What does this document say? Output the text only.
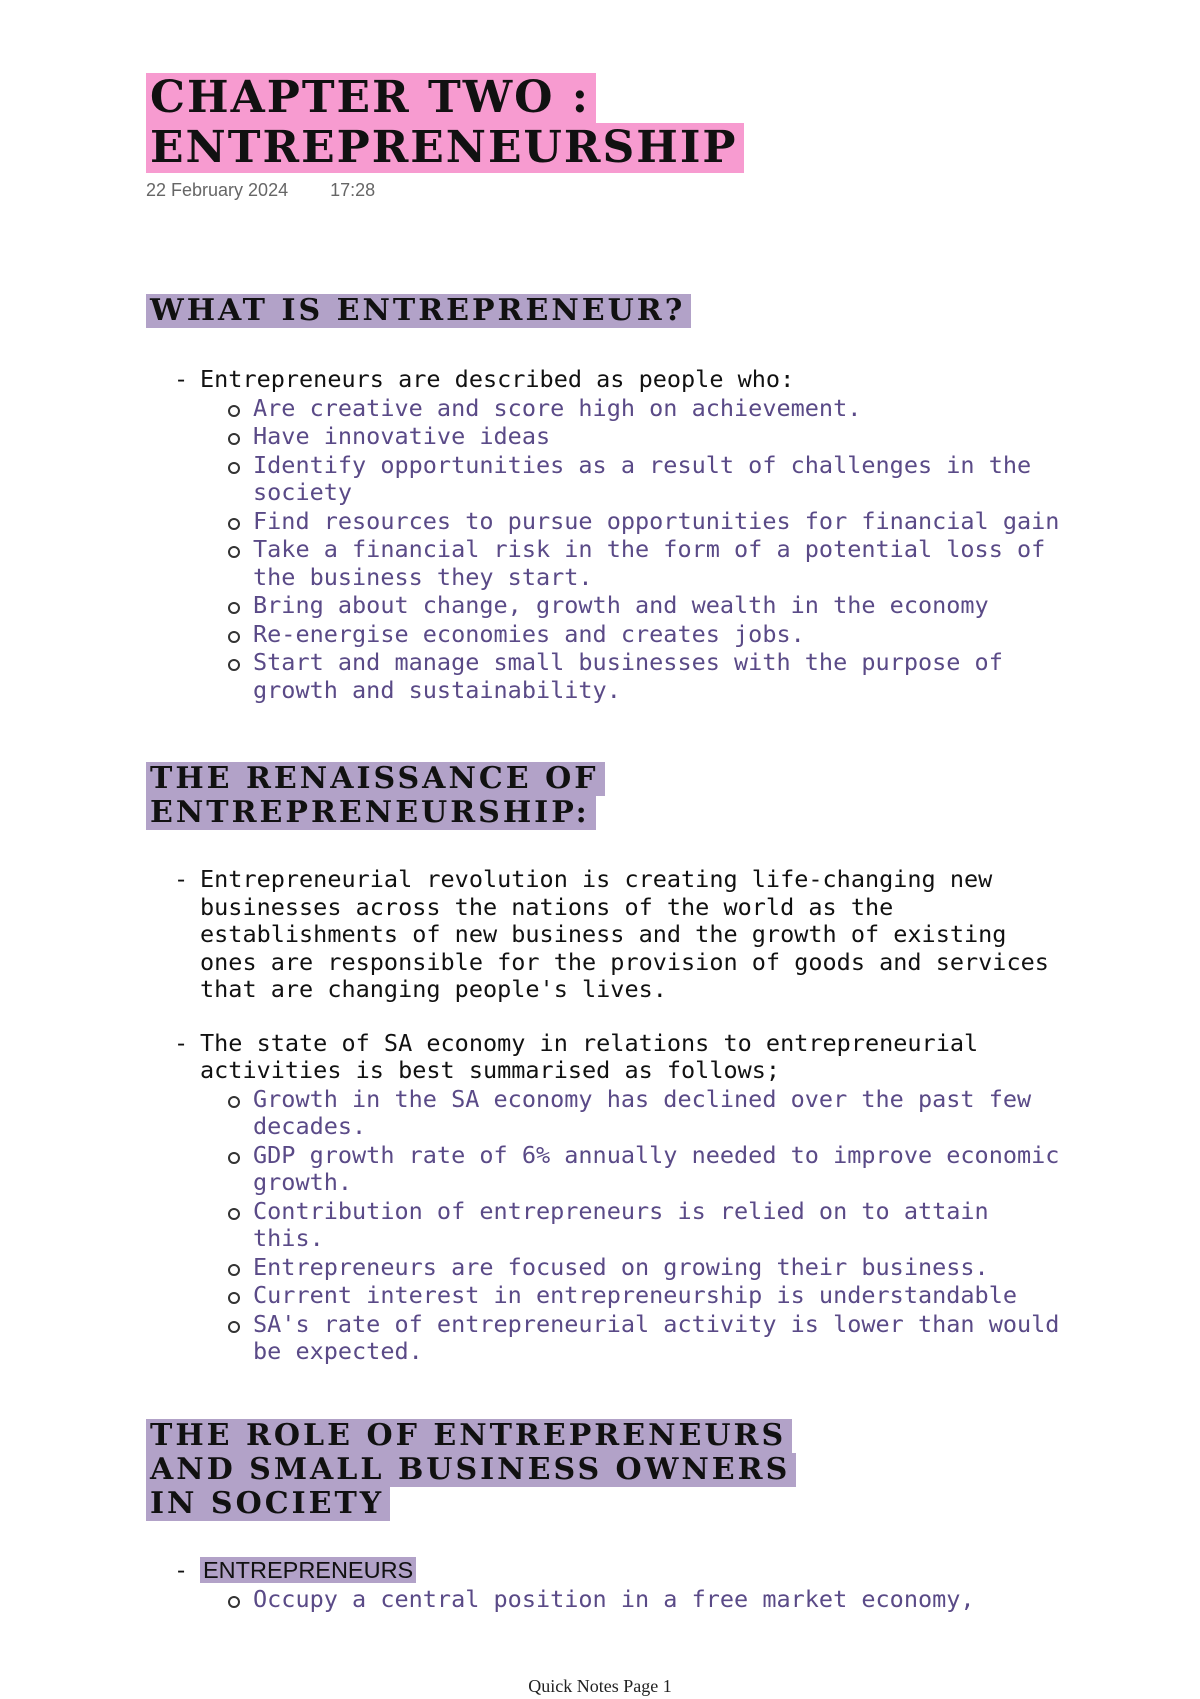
CHAPTER TWO :
ENTREPRENEURSHIP
22 February 2024 17:28
WHAT IS ENTREPRENEUR?
- Entrepreneurs are described as people who:
Are creative and score high on achievement.
Have innovative ideas
Identify opportunities as a result of challenges in the society
Find resources to pursue opportunities for financial gain
Take a financial risk in the form of a potential loss of the business they start.
Bring about change, growth and wealth in the economy
Re-energise economies and creates jobs.
Start and manage small businesses with the purpose of growth and sustainability.
THE RENAISSANCE OF
ENTREPRENEURSHIP:
- Entrepreneurial revolution is creating life-changing new businesses across the nations of the world as the establishments of new business and the growth of existing ones are responsible for the provision of goods and services that are changing people's lives.
- The state of SA economy in relations to entrepreneurial activities is best summarised as follows;
Growth in the SA economy has declined over the past few decades.
GDP growth rate of 6% annually needed to improve economic growth.
Contribution of entrepreneurs is relied on to attain this.
Entrepreneurs are focused on growing their business.
Current interest in entrepreneurship is understandable
SA's rate of entrepreneurial activity is lower than would be expected.
THE ROLE OF ENTREPRENEURS
AND SMALL BUSINESS OWNERS
IN SOCIETY
- ENTREPRENEURS
Occupy a central position in a free market economy,
Quick Notes Page 1
